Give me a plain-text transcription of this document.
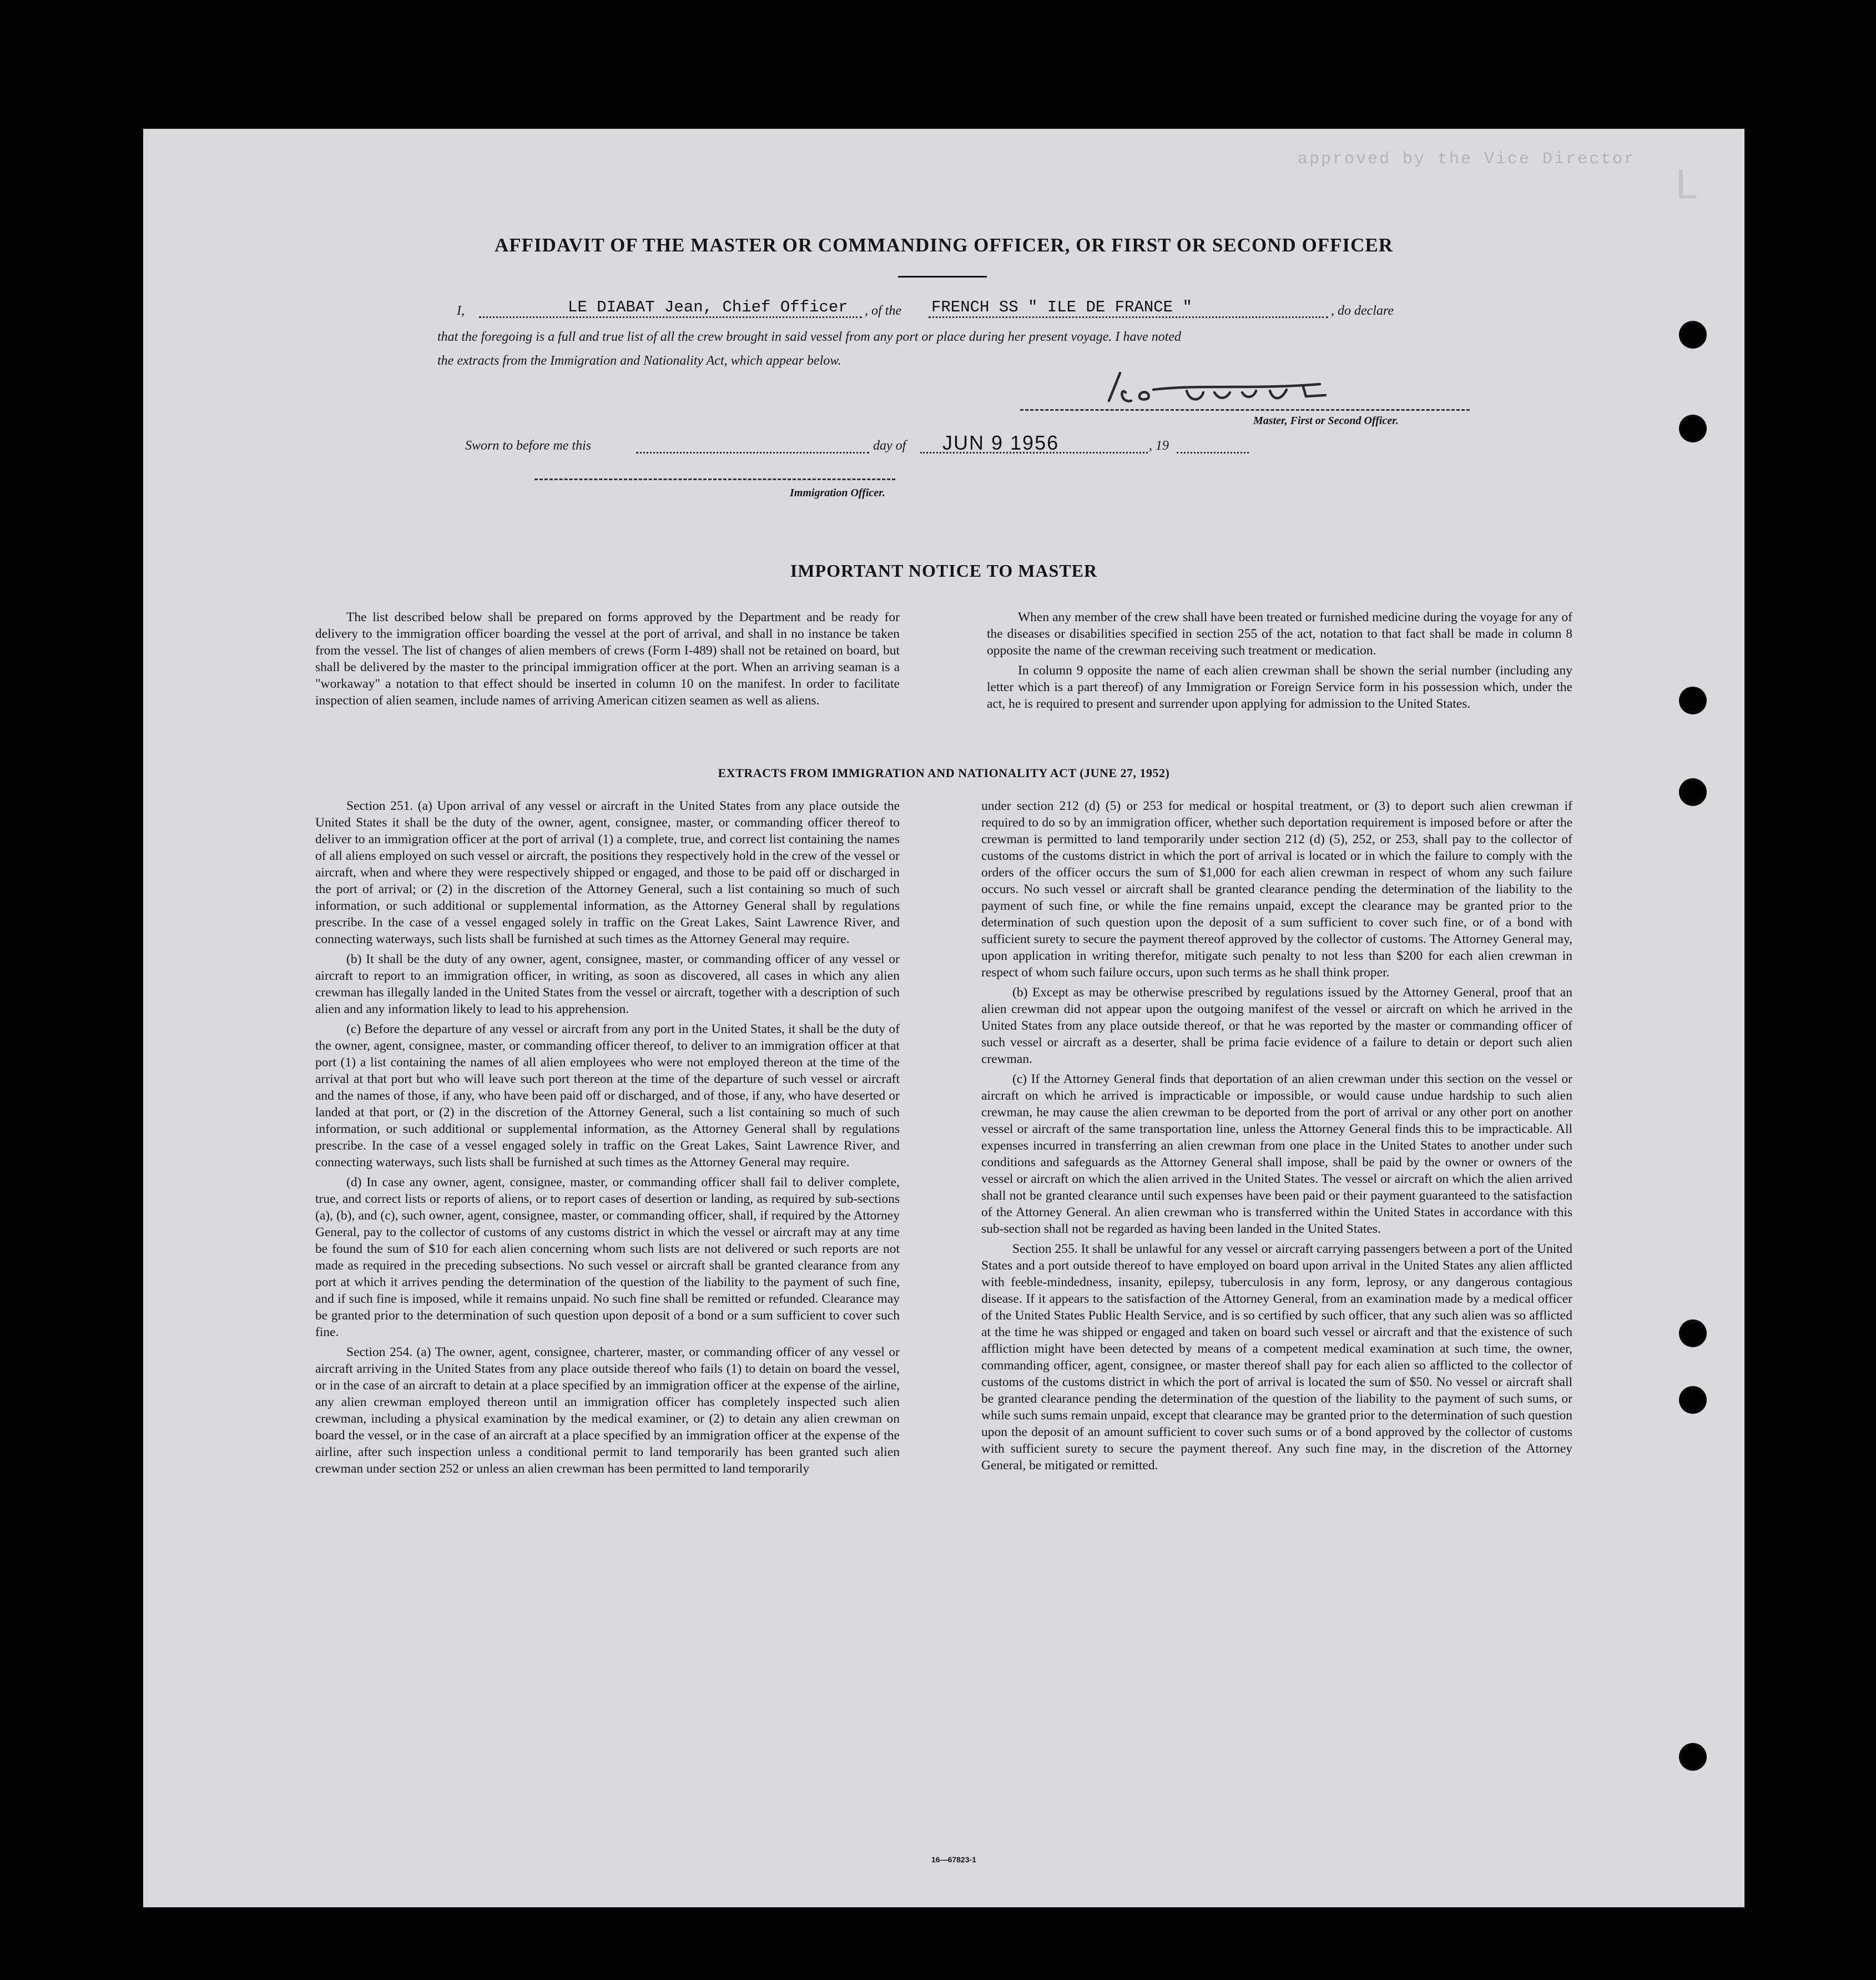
approved by the Vice Director
ᒪ
AFFIDAVIT OF THE MASTER OR COMMANDING OFFICER, OR FIRST OR SECOND OFFICER
I,	LE DIABAT Jean, Chief Officer , of the FRENCH SS " ILE DE FRANCE "	, do declare
that the foregoing is a full and true list of all the crew brought in said vessel from any port or place during her present voyage. I have noted
the extracts from the Immigration and Nationality Act, which appear below.
Master, First or Second Officer.
Sworn to before me this	day of JUN 9 1956	, 19
Immigration Officer.
IMPORTANT NOTICE TO MASTER

The list described below shall be prepared on forms approved by the Department and be ready for delivery to the immigration officer boarding the vessel at the port of arrival, and shall in no instance be taken from the vessel. The list of changes of alien members of crews (Form I-489) shall not be retained on board, but shall be delivered by the master to the principal immigration officer at the port. When an arriving seaman is a "workaway" a notation to that effect should be inserted in column 10 on the manifest. In order to facilitate inspection of alien seamen, include names of arriving American citizen seamen as well as aliens.

When any member of the crew shall have been treated or furnished medicine during the voyage for any of the diseases or disabilities specified in section 255 of the act, notation to that fact shall be made in column 8 opposite the name of the crewman receiving such treatment or medication.

In column 9 opposite the name of each alien crewman shall be shown the serial number (including any letter which is a part thereof) of any Immigration or Foreign Service form in his possession which, under the act, he is required to present and surrender upon applying for admission to the United States.

EXTRACTS FROM IMMIGRATION AND NATIONALITY ACT (JUNE 27, 1952)

Section 251. (a) Upon arrival of any vessel or aircraft in the United States from any place outside the United States it shall be the duty of the owner, agent, consignee, master, or commanding officer thereof to deliver to an immigration officer at the port of arrival (1) a complete, true, and correct list containing the names of all aliens employed on such vessel or aircraft, the positions they respectively hold in the crew of the vessel or aircraft, when and where they were respectively shipped or engaged, and those to be paid off or discharged in the port of arrival; or (2) in the discretion of the Attorney General, such a list containing so much of such information, or such additional or supplemental information, as the Attorney General shall by regulations prescribe. In the case of a vessel engaged solely in traffic on the Great Lakes, Saint Lawrence River, and connecting waterways, such lists shall be furnished at such times as the Attorney General may require.

(b) It shall be the duty of any owner, agent, consignee, master, or commanding officer of any vessel or aircraft to report to an immigration officer, in writing, as soon as discovered, all cases in which any alien crewman has illegally landed in the United States from the vessel or aircraft, together with a description of such alien and any information likely to lead to his apprehension.

(c) Before the departure of any vessel or aircraft from any port in the United States, it shall be the duty of the owner, agent, consignee, master, or commanding officer thereof, to deliver to an immigration officer at that port (1) a list containing the names of all alien employees who were not employed thereon at the time of the arrival at that port but who will leave such port thereon at the time of the departure of such vessel or aircraft and the names of those, if any, who have been paid off or discharged, and of those, if any, who have deserted or landed at that port, or (2) in the discretion of the Attorney General, such a list containing so much of such information, or such additional or supplemental information, as the Attorney General shall by regulations prescribe. In the case of a vessel engaged solely in traffic on the Great Lakes, Saint Lawrence River, and connecting waterways, such lists shall be furnished at such times as the Attorney General may require.

(d) In case any owner, agent, consignee, master, or commanding officer shall fail to deliver complete, true, and correct lists or reports of aliens, or to report cases of desertion or landing, as required by sub-sections (a), (b), and (c), such owner, agent, consignee, master, or commanding officer, shall, if required by the Attorney General, pay to the collector of customs of any customs district in which the vessel or aircraft may at any time be found the sum of $10 for each alien concerning whom such lists are not delivered or such reports are not made as required in the preceding subsections. No such vessel or aircraft shall be granted clearance from any port at which it arrives pending the determination of the question of the liability to the payment of such fine, and if such fine is imposed, while it remains unpaid. No such fine shall be remitted or refunded. Clearance may be granted prior to the determination of such question upon deposit of a bond or a sum sufficient to cover such fine.

Section 254. (a) The owner, agent, consignee, charterer, master, or commanding officer of any vessel or aircraft arriving in the United States from any place outside thereof who fails (1) to detain on board the vessel, or in the case of an aircraft to detain at a place specified by an immigration officer at the expense of the airline, any alien crewman employed thereon until an immigration officer has completely inspected such alien crewman, including a physical examination by the medical examiner, or (2) to detain any alien crewman on board the vessel, or in the case of an aircraft at a place specified by an immigration officer at the expense of the airline, after such inspection unless a conditional permit to land temporarily has been granted such alien crewman under section 252 or unless an alien crewman has been permitted to land temporarily

under section 212 (d) (5) or 253 for medical or hospital treatment, or (3) to deport such alien crewman if required to do so by an immigration officer, whether such deportation requirement is imposed before or after the crewman is permitted to land temporarily under section 212 (d) (5), 252, or 253, shall pay to the collector of customs of the customs district in which the port of arrival is located or in which the failure to comply with the orders of the officer occurs the sum of $1,000 for each alien crewman in respect of whom any such failure occurs. No such vessel or aircraft shall be granted clearance pending the determination of the liability to the payment of such fine, or while the fine remains unpaid, except the clearance may be granted prior to the determination of such question upon the deposit of a sum sufficient to cover such fine, or of a bond with sufficient surety to secure the payment thereof approved by the collector of customs. The Attorney General may, upon application in writing therefor, mitigate such penalty to not less than $200 for each alien crewman in respect of whom such failure occurs, upon such terms as he shall think proper.

(b) Except as may be otherwise prescribed by regulations issued by the Attorney General, proof that an alien crewman did not appear upon the outgoing manifest of the vessel or aircraft on which he arrived in the United States from any place outside thereof, or that he was reported by the master or commanding officer of such vessel or aircraft as a deserter, shall be prima facie evidence of a failure to detain or deport such alien crewman.

(c) If the Attorney General finds that deportation of an alien crewman under this section on the vessel or aircraft on which he arrived is impracticable or impossible, or would cause undue hardship to such alien crewman, he may cause the alien crewman to be deported from the port of arrival or any other port on another vessel or aircraft of the same transportation line, unless the Attorney General finds this to be impracticable. All expenses incurred in transferring an alien crewman from one place in the United States to another under such conditions and safeguards as the Attorney General shall impose, shall be paid by the owner or owners of the vessel or aircraft on which the alien arrived in the United States. The vessel or aircraft on which the alien arrived shall not be granted clearance until such expenses have been paid or their payment guaranteed to the satisfaction of the Attorney General. An alien crewman who is transferred within the United States in accordance with this sub-section shall not be regarded as having been landed in the United States.

Section 255. It shall be unlawful for any vessel or aircraft carrying passengers between a port of the United States and a port outside thereof to have employed on board upon arrival in the United States any alien afflicted with feeble-mindedness, insanity, epilepsy, tuberculosis in any form, leprosy, or any dangerous contagious disease. If it appears to the satisfaction of the Attorney General, from an examination made by a medical officer of the United States Public Health Service, and is so certified by such officer, that any such alien was so afflicted at the time he was shipped or engaged and taken on board such vessel or aircraft and that the existence of such affliction might have been detected by means of a competent medical examination at such time, the owner, commanding officer, agent, consignee, or master thereof shall pay for each alien so afflicted to the collector of customs of the customs district in which the port of arrival is located the sum of $50. No vessel or aircraft shall be granted clearance pending the determination of the question of the liability to the payment of such sums, or while such sums remain unpaid, except that clearance may be granted prior to the determination of such question upon the deposit of an amount sufficient to cover such sums or of a bond approved by the collector of customs with sufficient surety to secure the payment thereof. Any such fine may, in the discretion of the Attorney General, be mitigated or remitted.

16—67823-1
